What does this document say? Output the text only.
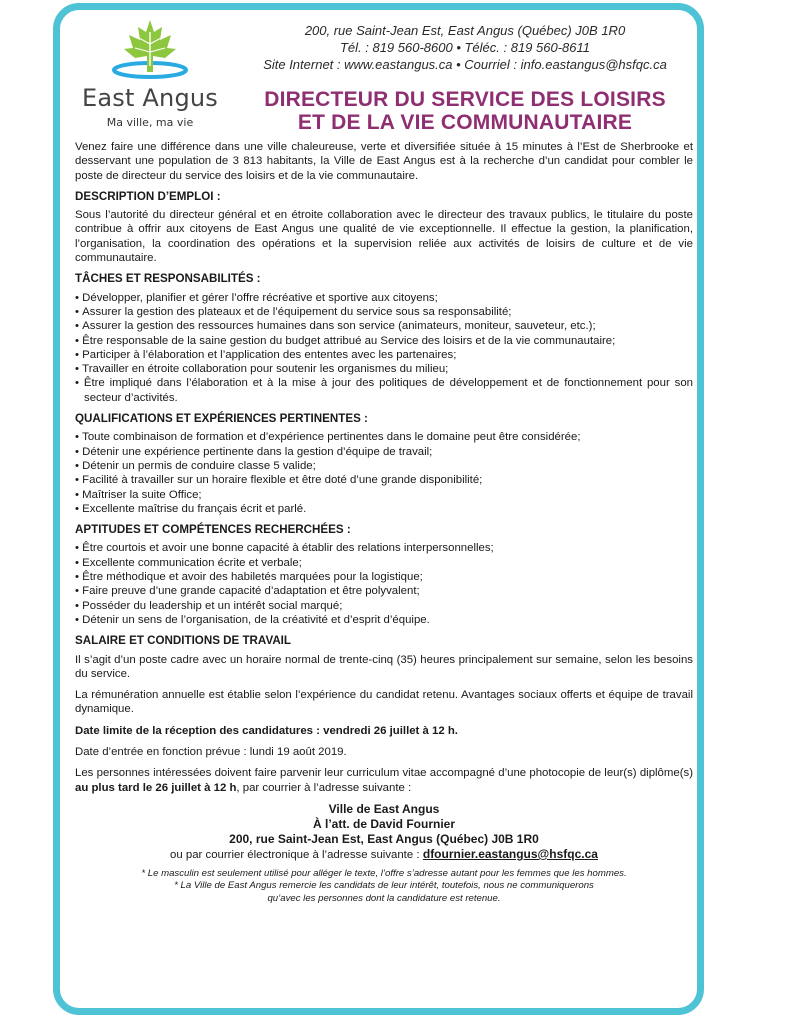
East Angus
Ma ville, ma vie
200, rue Saint-Jean Est, East Angus (Québec) J0B 1R0
Tél. : 819 560-8600 • Téléc. : 819 560-8611
Site Internet : www.eastangus.ca • Courriel : info.eastangus@hsfqc.ca
DIRECTEUR DU SERVICE DES LOISIRS
ET DE LA VIE COMMUNAUTAIRE

Venez faire une différence dans une ville chaleureuse, verte et diversifiée située à 15 minutes à l’Est de Sherbrooke et desservant une population de 3 813 habitants, la Ville de East Angus est à la recherche d’un candidat pour combler le poste de directeur du service des loisirs et de la vie communautaire.

DESCRIPTION D’EMPLOI :

Sous l’autorité du directeur général et en étroite collaboration avec le directeur des travaux publics, le titulaire du poste contribue à offrir aux citoyens de East Angus une qualité de vie exceptionnelle. Il effectue la gestion, la planification, l’organisation, la coordination des opérations et la supervision reliée aux activités de loisirs de culture et de vie communautaire.

TÂCHES ET RESPONSABILITÉS :
• Développer, planifier et gérer l’offre récréative et sportive aux citoyens;
• Assurer la gestion des plateaux et de l’équipement du service sous sa responsabilité;
• Assurer la gestion des ressources humaines dans son service (animateurs, moniteur, sauveteur, etc.);
• Être responsable de la saine gestion du budget attribué au Service des loisirs et de la vie communautaire;
• Participer à l’élaboration et l’application des ententes avec les partenaires;
• Travailler en étroite collaboration pour soutenir les organismes du milieu;
• Être impliqué dans l’élaboration et à la mise à jour des politiques de développement et de fonctionnement pour son secteur d’activités.
QUALIFICATIONS ET EXPÉRIENCES PERTINENTES :
• Toute combinaison de formation et d’expérience pertinentes dans le domaine peut être considérée;
• Détenir une expérience pertinente dans la gestion d’équipe de travail;
• Détenir un permis de conduire classe 5 valide;
• Facilité à travailler sur un horaire flexible et être doté d’une grande disponibilité;
• Maîtriser la suite Office;
• Excellente maîtrise du français écrit et parlé.
APTITUDES ET COMPÉTENCES RECHERCHÉES :
• Être courtois et avoir une bonne capacité à établir des relations interpersonnelles;
• Excellente communication écrite et verbale;
• Être méthodique et avoir des habiletés marquées pour la logistique;
• Faire preuve d’une grande capacité d’adaptation et être polyvalent;
• Posséder du leadership et un intérêt social marqué;
• Détenir un sens de l’organisation, de la créativité et d’esprit d’équipe.
SALAIRE ET CONDITIONS DE TRAVAIL

Il s’agit d’un poste cadre avec un horaire normal de trente-cinq (35) heures principalement sur semaine, selon les besoins du service.

La rémunération annuelle est établie selon l’expérience du candidat retenu. Avantages sociaux offerts et équipe de travail dynamique.

Date limite de la réception des candidatures : vendredi 26 juillet à 12 h.

Date d’entrée en fonction prévue : lundi 19 août 2019.

Les personnes intéressées doivent faire parvenir leur curriculum vitae accompagné d’une photocopie de leur(s) diplôme(s) au plus tard le 26 juillet à 12 h, par courrier à l’adresse suivante :

Ville de East Angus
À l’att. de David Fournier
200, rue Saint-Jean Est, East Angus (Québec) J0B 1R0
ou par courrier électronique à l’adresse suivante : dfournier.eastangus@hsfqc.ca
* Le masculin est seulement utilisé pour alléger le texte, l’offre s’adresse autant pour les femmes que les hommes.
* La Ville de East Angus remercie les candidats de leur intérêt, toutefois, nous ne communiquerons
qu’avec les personnes dont la candidature est retenue.
